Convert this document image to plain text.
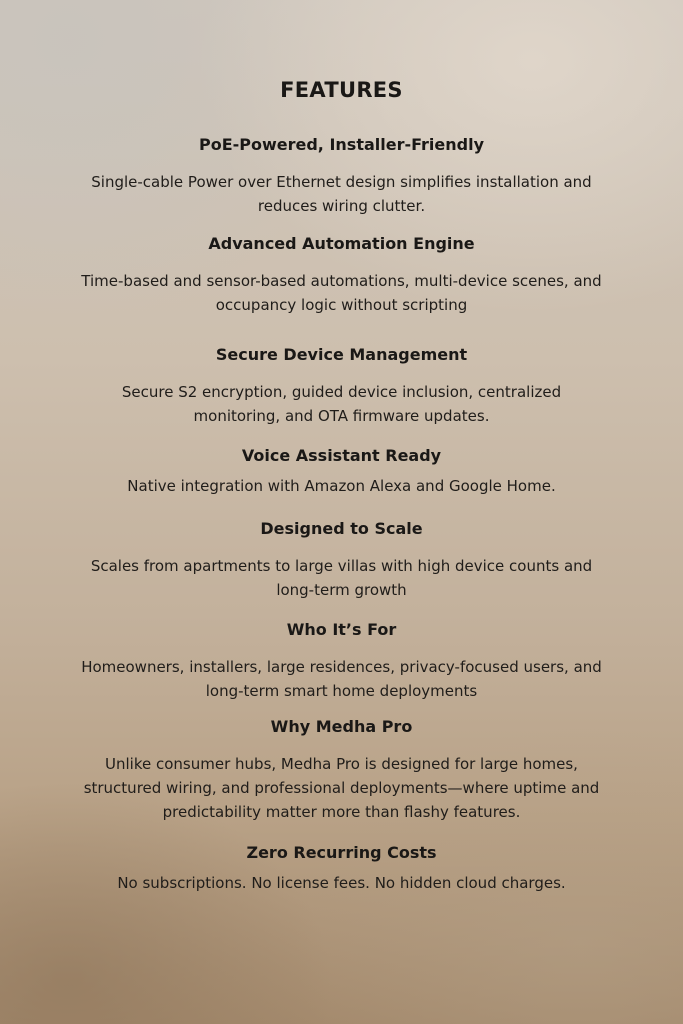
FEATURES
PoE-Powered, Installer-Friendly

Single-cable Power over Ethernet design simplifies installation and

reduces wiring clutter.

Advanced Automation Engine

Time-based and sensor-based automations, multi-device scenes, and

occupancy logic without scripting

Secure Device Management

Secure S2 encryption, guided device inclusion, centralized

monitoring, and OTA firmware updates.

Voice Assistant Ready

Native integration with Amazon Alexa and Google Home.

Designed to Scale

Scales from apartments to large villas with high device counts and

long-term growth

Who It’s For

Homeowners, installers, large residences, privacy-focused users, and

long-term smart home deployments

Why Medha Pro

Unlike consumer hubs, Medha Pro is designed for large homes,

structured wiring, and professional deployments—where uptime and

predictability matter more than flashy features.

Zero Recurring Costs

No subscriptions. No license fees. No hidden cloud charges.
